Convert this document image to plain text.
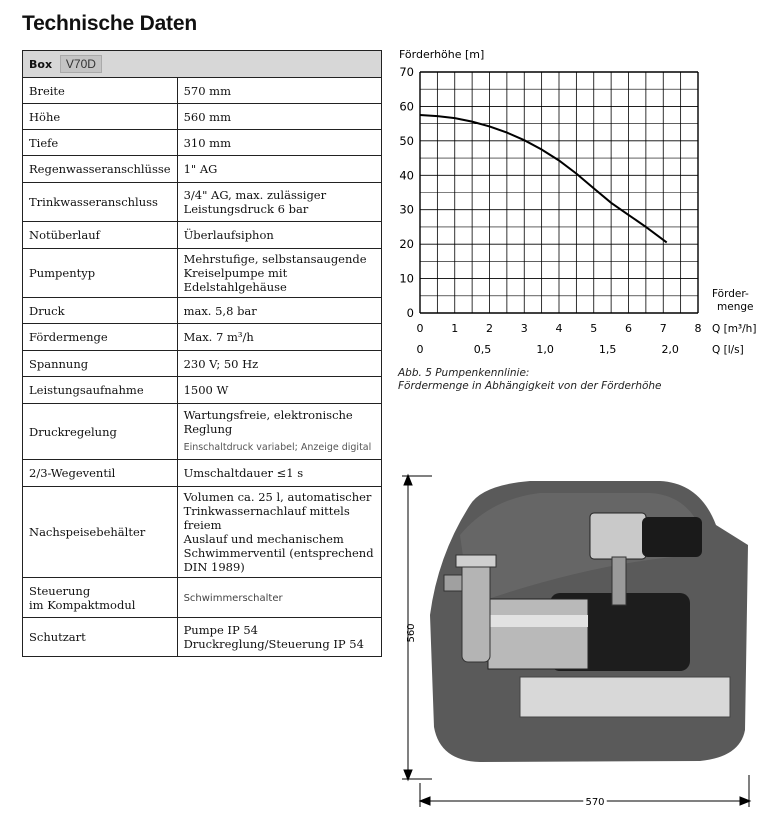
Technische Daten
Box V70D	
Breite	570 mm
Höhe	560 mm
Tiefe	310 mm
Regenwasseranschlüsse	1" AG
Trinkwasseranschluss	3/4" AG, max. zulässiger
Leistungsdruck 6 bar
Notüberlauf	Überlaufsiphon
Pumpentyp	Mehrstufige, selbstansaugende
Kreiselpumpe mit Edelstahlgehäuse
Druck	max. 5,8 bar
Fördermenge	Max. 7 m³/h
Spannung	230 V; 50 Hz
Leistungsaufnahme	1500 W
Druckregelung	Wartungsfreie, elektronische Reglung
Einschaltdruck variabel; Anzeige digital

2/3-Wegeventil	Umschaltdauer ≤1 s
Nachspeisebehälter	Volumen ca. 25 l, automatischer
Trinkwassernachlauf mittels freiem
Auslauf und mechanischem
Schwimmerventil (entsprechend
DIN 1989)
Steuerung
im Kompaktmodul	Schwimmerschalter
Schutzart	Pumpe IP 54
Druckreglung/Steuerung IP 54
0
10
20
30
40
50
60
70
0	1	2	3	4	5	6	7	8
0	0,5	1,0	1,5	2,0
Förderhöhe [m]
Förder-
menge
Q [m³/h]
Q [l/s]
Abb. 5 Pumpenkennlinie:
Fördermenge in Abhängigkeit von der Förderhöhe
560
570
